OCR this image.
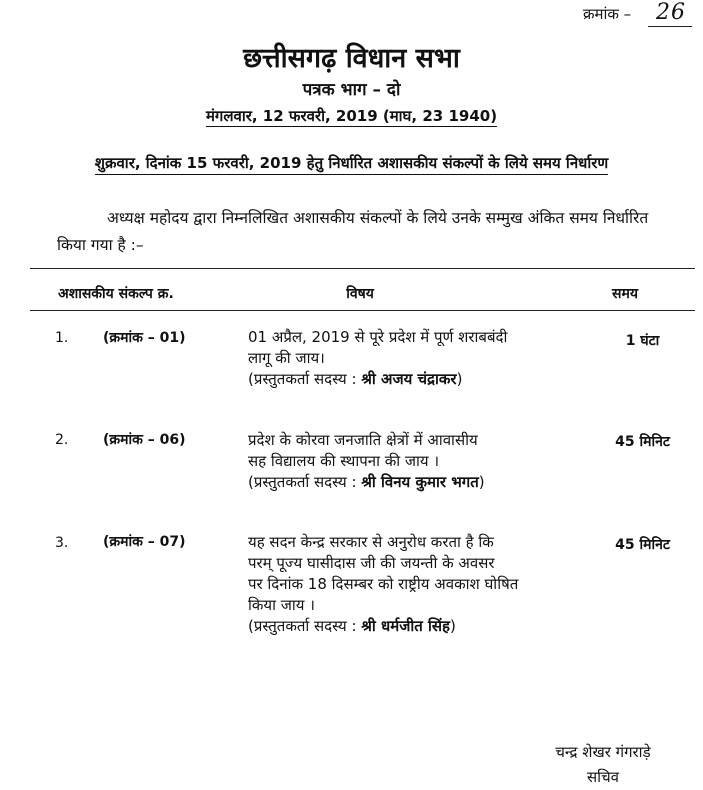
क्रमांक – 26
छत्तीसगढ़ विधान सभा
पत्रक भाग – दो
मंगलवार, 12 फरवरी, 2019 (माघ, 23 1940)
शुक्रवार, दिनांक 15 फरवरी, 2019 हेतु निर्धारित अशासकीय संकल्पों के लिये समय निर्धारण
अध्यक्ष महोदय द्वारा निम्नलिखित अशासकीय संकल्पों के लिये उनके सम्मुख अंकित समय निर्धारित किया गया है :–
अशासकीय संकल्प क्र.	विषय	समय
1. (क्रमांक – 01)	01 अप्रैल, 2019 से पूरे प्रदेश में पूर्ण शराबबंदी
लागू की जाय।
(प्रस्तुतकर्ता सदस्य : श्री अजय चंद्राकर)
1 घंटा
2. (क्रमांक – 06)	प्रदेश के कोरवा जनजाति क्षेत्रों में आवासीय
सह विद्यालय की स्थापना की जाय ।
(प्रस्तुतकर्ता सदस्य : श्री विनय कुमार भगत)
45 मिनिट
3. (क्रमांक – 07)	यह सदन केन्द्र सरकार से अनुरोध करता है कि
परम् पूज्य घासीदास जी की जयन्ती के अवसर
पर दिनांक 18 दिसम्बर को राष्ट्रीय अवकाश घोषित
किया जाय ।
(प्रस्तुतकर्ता सदस्य : श्री धर्मजीत सिंह)
45 मिनिट
चन्द्र शेखर गंगराड़े
सचिव
